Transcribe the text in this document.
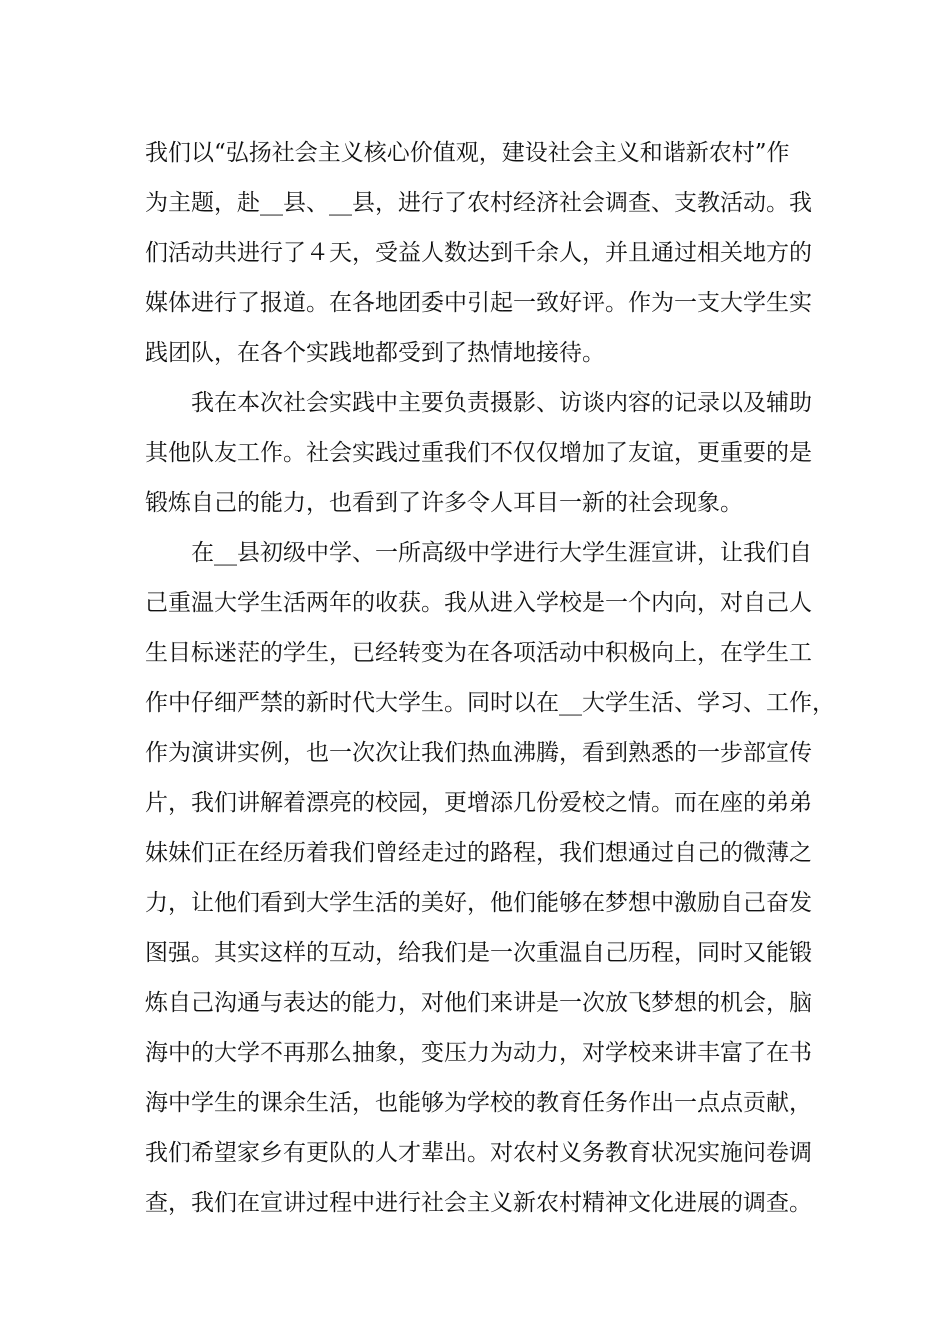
我们以“弘扬社会主义核心价值观，建设社会主义和谐新农村”作
为主题，赴__县、__县，进行了农村经济社会调查、支教活动。我
们活动共进行了４天，受益人数达到千余人，并且通过相关地方的
媒体进行了报道。在各地团委中引起一致好评。作为一支大学生实
践团队，在各个实践地都受到了热情地接待。
我在本次社会实践中主要负责摄影、访谈内容的记录以及辅助
其他队友工作。社会实践过重我们不仅仅增加了友谊，更重要的是
锻炼自己的能力，也看到了许多令人耳目一新的社会现象。
在__县初级中学、一所高级中学进行大学生涯宣讲，让我们自
己重温大学生活两年的收获。我从进入学校是一个内向，对自己人
生目标迷茫的学生，已经转变为在各项活动中积极向上，在学生工
作中仔细严禁的新时代大学生。同时以在__大学生活、学习、工作，
作为演讲实例，也一次次让我们热血沸腾，看到熟悉的一步部宣传
片，我们讲解着漂亮的校园，更增添几份爱校之情。而在座的弟弟
妹妹们正在经历着我们曾经走过的路程，我们想通过自己的微薄之
力，让他们看到大学生活的美好，他们能够在梦想中激励自己奋发
图强。其实这样的互动，给我们是一次重温自己历程，同时又能锻
炼自己沟通与表达的能力，对他们来讲是一次放飞梦想的机会，脑
海中的大学不再那么抽象，变压力为动力，对学校来讲丰富了在书
海中学生的课余生活，也能够为学校的教育任务作出一点点贡献，
我们希望家乡有更队的人才辈出。对农村义务教育状况实施问卷调
查，我们在宣讲过程中进行社会主义新农村精神文化进展的调查。
